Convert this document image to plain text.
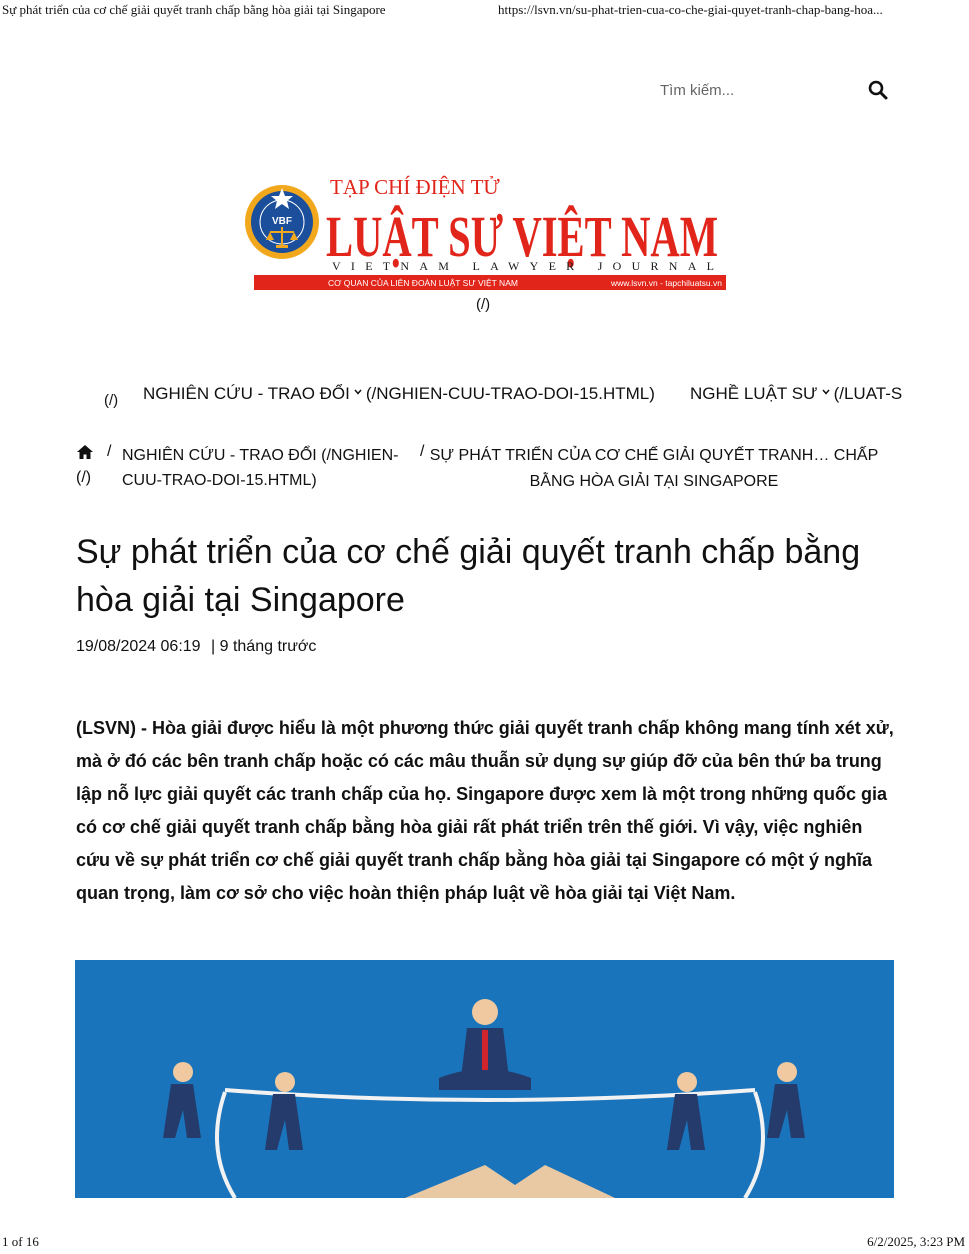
Sự phát triển của cơ chế giải quyết tranh chấp bằng hòa giải tại Singapore	https://lsvn.vn/su-phat-trien-cua-co-che-giai-quyet-tranh-chap-bang-hoa...
Tìm kiếm...
VBF
TẠP CHÍ ĐIỆN TỬ
LUẬT SƯ VIỆT NAM
VIETNAM LAWYER JOURNAL
CƠ QUAN CỦA LIÊN ĐOÀN LUẬT SƯ VIỆT NAM	www.lsvn.vn - tapchiluatsu.vn
(/)
(/) NGHIÊN CỨU - TRAO ĐỔI (/NGHIEN-CUU-TRAO-DOI-15.HTML) NGHỀ LUẬT SƯ (/LUAT-S
(/)
/ NGHIÊN CỨU - TRAO ĐỔI (/NGHIEN-CUU-TRAO-DOI-15.HTML)
/ SỰ PHÁT TRIỂN CỦA CƠ CHẾ GIẢI QUYẾT TRANH… CHẤP BẰNG HÒA GIẢI TẠI SINGAPORE
Sự phát triển của cơ chế giải quyết tranh chấp bằng hòa giải tại Singapore
19/08/2024 06:19 | 9 tháng trước

(LSVN) - Hòa giải được hiểu là một phương thức giải quyết tranh chấp không mang tính xét xử, mà ở đó các bên tranh chấp hoặc có các mâu thuẫn sử dụng sự giúp đỡ của bên thứ ba trung lập nỗ lực giải quyết các tranh chấp của họ. Singapore được xem là một trong những quốc gia có cơ chế giải quyết tranh chấp bằng hòa giải rất phát triển trên thế giới. Vì vậy, việc nghiên cứu về sự phát triển cơ chế giải quyết tranh chấp bằng hòa giải tại Singapore có một ý nghĩa quan trọng, làm cơ sở cho việc hoàn thiện pháp luật về hòa giải tại Việt Nam.

1 of 16	6/2/2025, 3:23 PM
